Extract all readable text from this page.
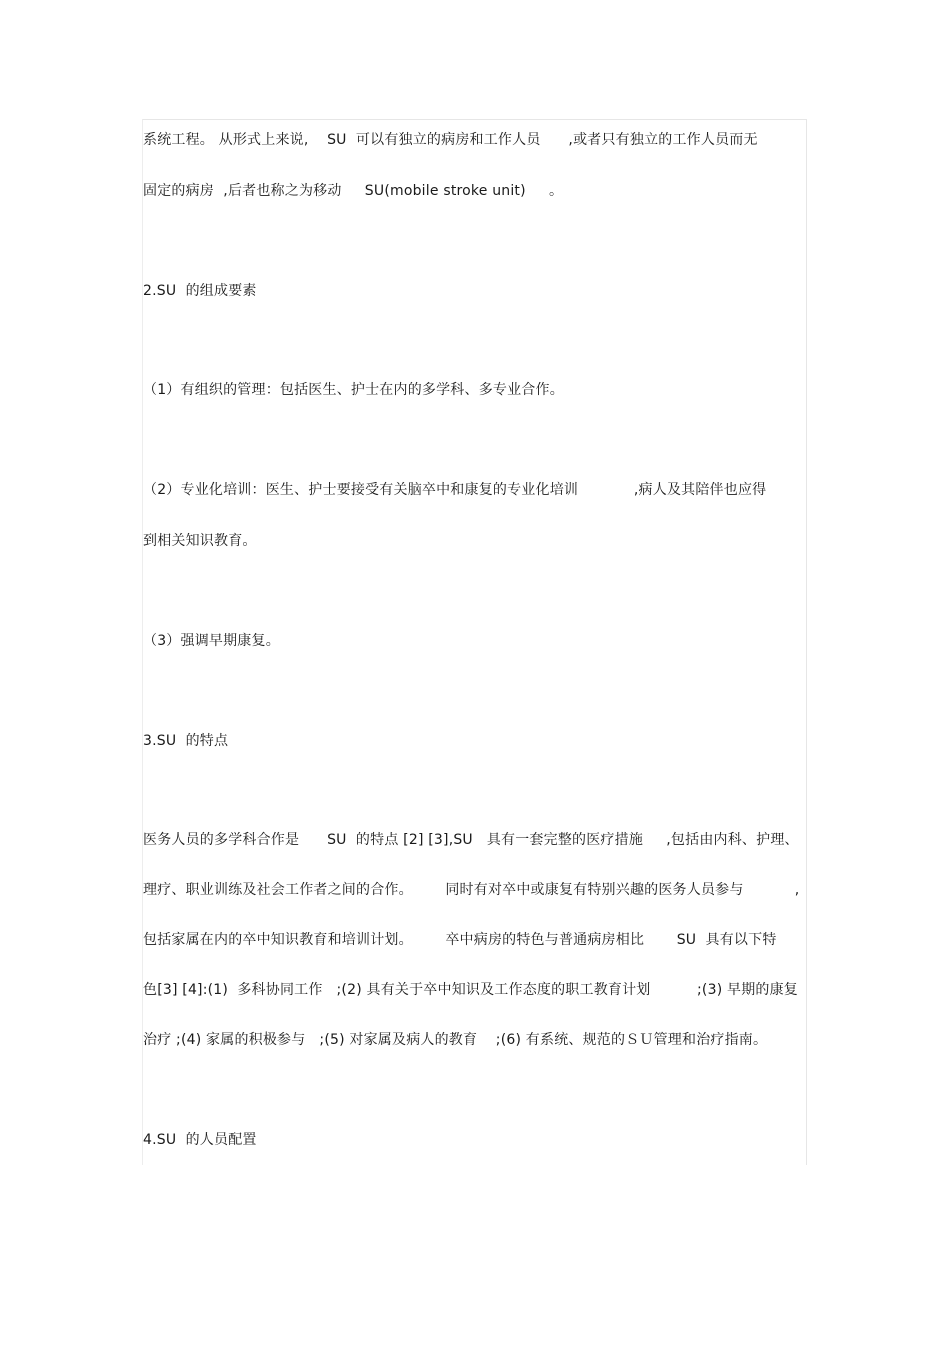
系统工程。 从形式上来说,    SU  可以有独立的病房和工作人员      ,或者只有独立的工作人员而无
固定的病房  ,后者也称之为移动     SU(mobile stroke unit)     。
2.SU  的组成要素
（1）有组织的管理：包括医生、护士在内的多学科、多专业合作。
（2）专业化培训：医生、护士要接受有关脑卒中和康复的专业化培训            ,病人及其陪伴也应得
到相关知识教育。
（3）强调早期康复。
3.SU  的特点
医务人员的多学科合作是      SU  的特点 [2] [3],SU   具有一套完整的医疗措施     ,包括由内科、护理、
理疗、职业训练及社会工作者之间的合作。       同时有对卒中或康复有特别兴趣的医务人员参与           ,
包括家属在内的卒中知识教育和培训计划。       卒中病房的特色与普通病房相比       SU  具有以下特
色[3] [4]:(1)  多科协同工作   ;(2) 具有关于卒中知识及工作态度的职工教育计划          ;(3) 早期的康复
治疗 ;(4) 家属的积极参与   ;(5) 对家属及病人的教育    ;(6) 有系统、规范的ＳＵ管理和治疗指南。
4.SU  的人员配置
